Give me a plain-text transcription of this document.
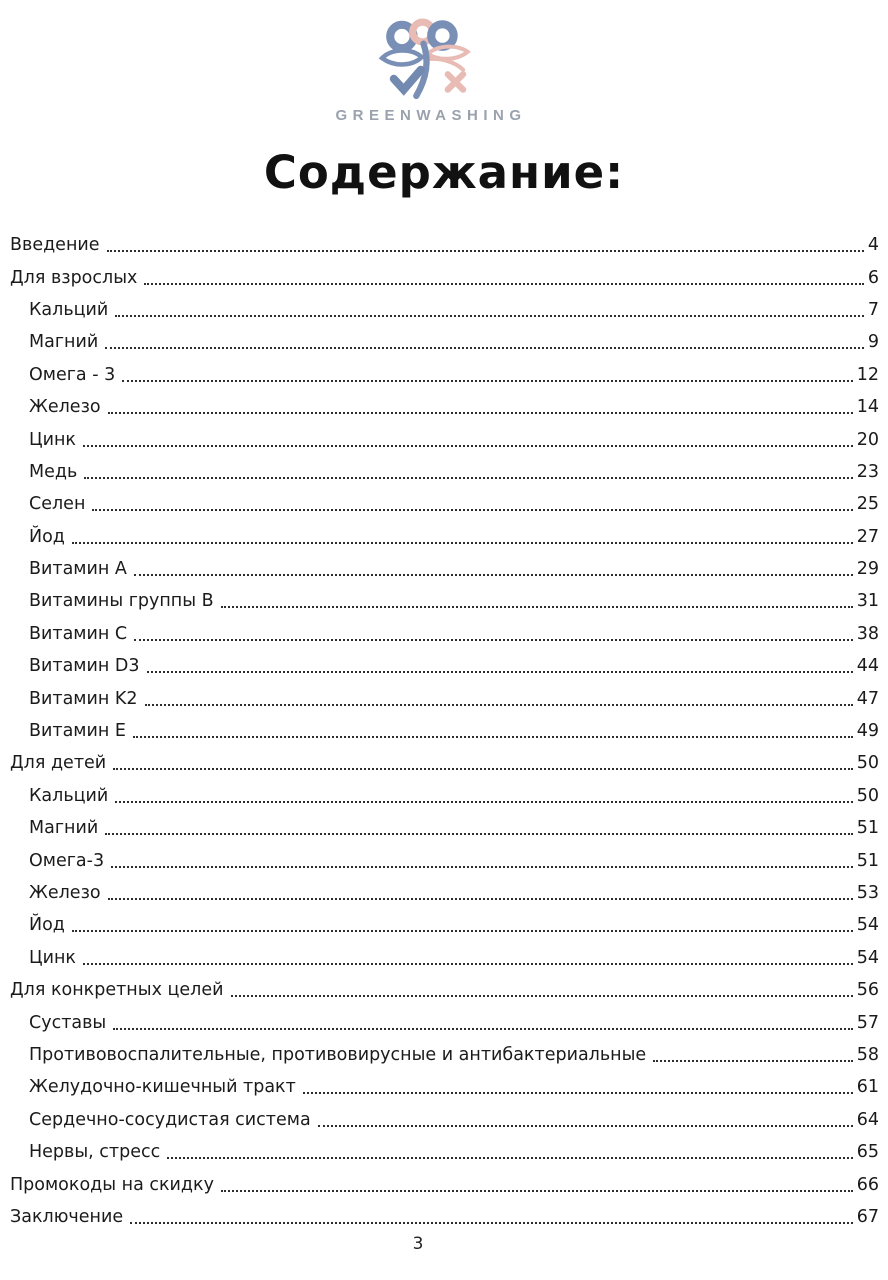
GREENWASHING
Содержание:
Введение	4
Для взрослых	6
Кальций	7
Магний	9
Омега - 3	12
Железо	14
Цинк	20
Медь	23
Селен	25
Йод	27
Витамин А	29
Витамины группы В	31
Витамин С	38
Витамин D3	44
Витамин K2	47
Витамин Е	49
Для детей	50
Кальций	50
Магний	51
Омега-3	51
Железо	53
Йод	54
Цинк	54
Для конкретных целей	56
Суставы	57
Противовоспалительные, противовирусные и антибактериальные	58
Желудочно-кишечный тракт	61
Сердечно-сосудистая система	64
Нервы, стресс	65
Промокоды на скидку	66
Заключение	67
3
